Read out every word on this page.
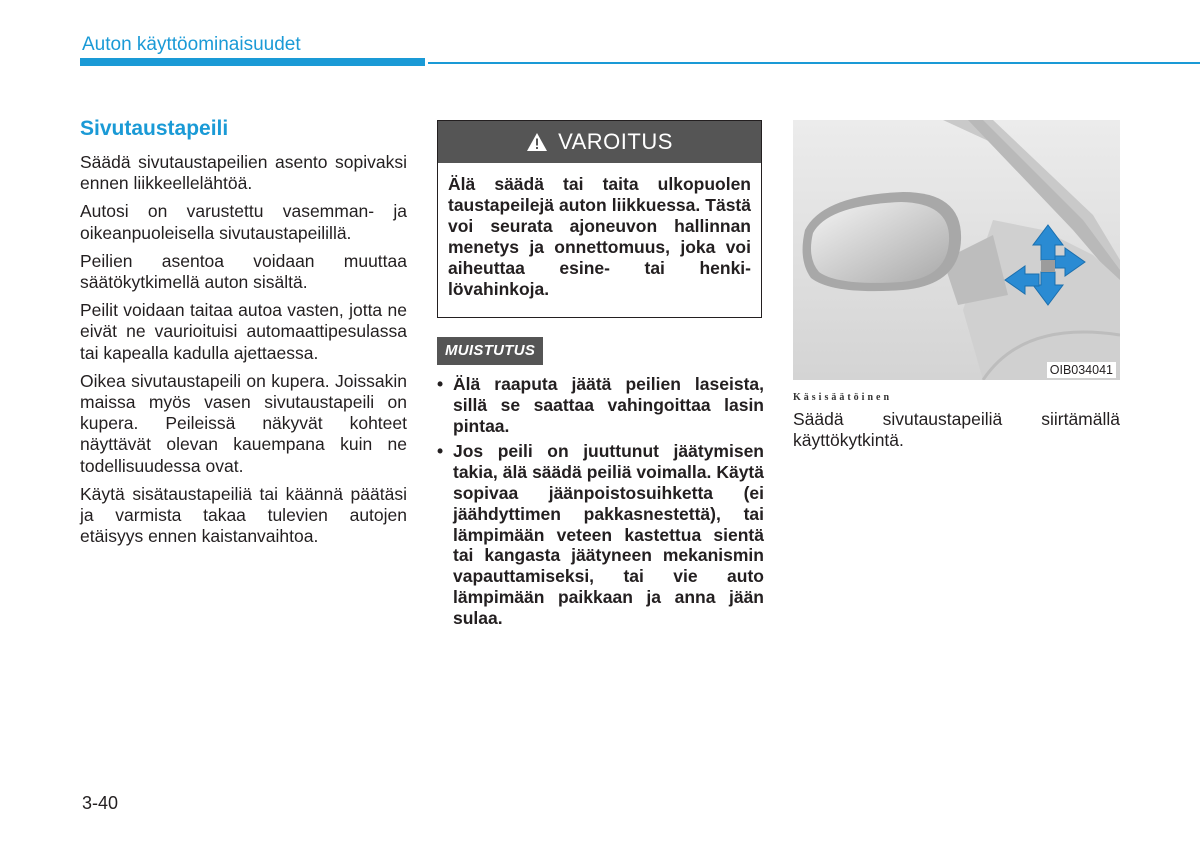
Auton käyttöominaisuudet
Sivutaustapeili

Säädä sivutaustapeilien asento sopivaksi ennen liikkeellelähtöä.

Autosi on varustettu vasemman- ja oikeanpuoleisella sivutaustapeilillä.

Peilien asentoa voidaan muuttaa säätökytkimellä auton sisältä.

Peilit voidaan taitaa autoa vasten, jotta ne eivät ne vaurioituisi automaattipesulassa tai kapealla kadulla ajettaessa.

Oikea sivutaustapeili on kupera. Joissakin maissa myös vasen sivutaustapeili on kupera. Peileissä näkyvät kohteet näyttävät olevan kauempana kuin ne todellisuudessa ovat.

Käytä sisätaustapeiliä tai käännä päätäsi ja varmista takaa tulevien autojen etäisyys ennen kaistanvaihtoa.

VAROITUS
Älä säädä tai taita ulkopuolen taustapeilejä auton liikkuessa. Tästä voi seurata ajoneuvon hallinnan menetys ja onnettomuus, joka voi aiheuttaa esine- tai henkilövahinkoja.
MUISTUTUS
• Älä raaputa jäätä peilien laseista, sillä se saattaa vahingoittaa lasin pintaa.
• Jos peili on juuttunut jäätymisen takia, älä säädä peiliä voimalla. Käytä sopivaa jäänpoistosuihketta (ei jäähdyttimen pakkasnestettä), tai lämpimään veteen kastettua sientä tai kangasta jäätyneen mekanismin vapauttamiseksi, tai vie auto lämpimään paikkaan ja anna jään sulaa.
OIB034041
Käsisäätöinen
Säädä sivutaustapeiliä siirtämällä käyttökytkintä.
3-40
